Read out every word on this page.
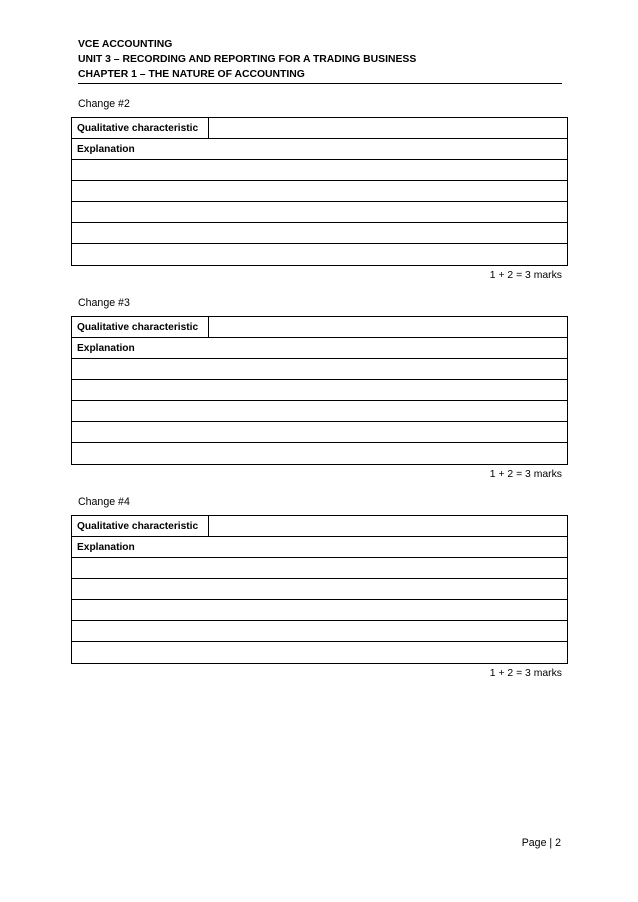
VCE ACCOUNTING
UNIT 3 – RECORDING AND REPORTING FOR A TRADING BUSINESS
CHAPTER 1 – THE NATURE OF ACCOUNTING
Change #2
Qualitative characteristic
Explanation
1 + 2 = 3 marks
Change #3
Qualitative characteristic
Explanation
1 + 2 = 3 marks
Change #4
Qualitative characteristic
Explanation
1 + 2 = 3 marks
Page | 2
